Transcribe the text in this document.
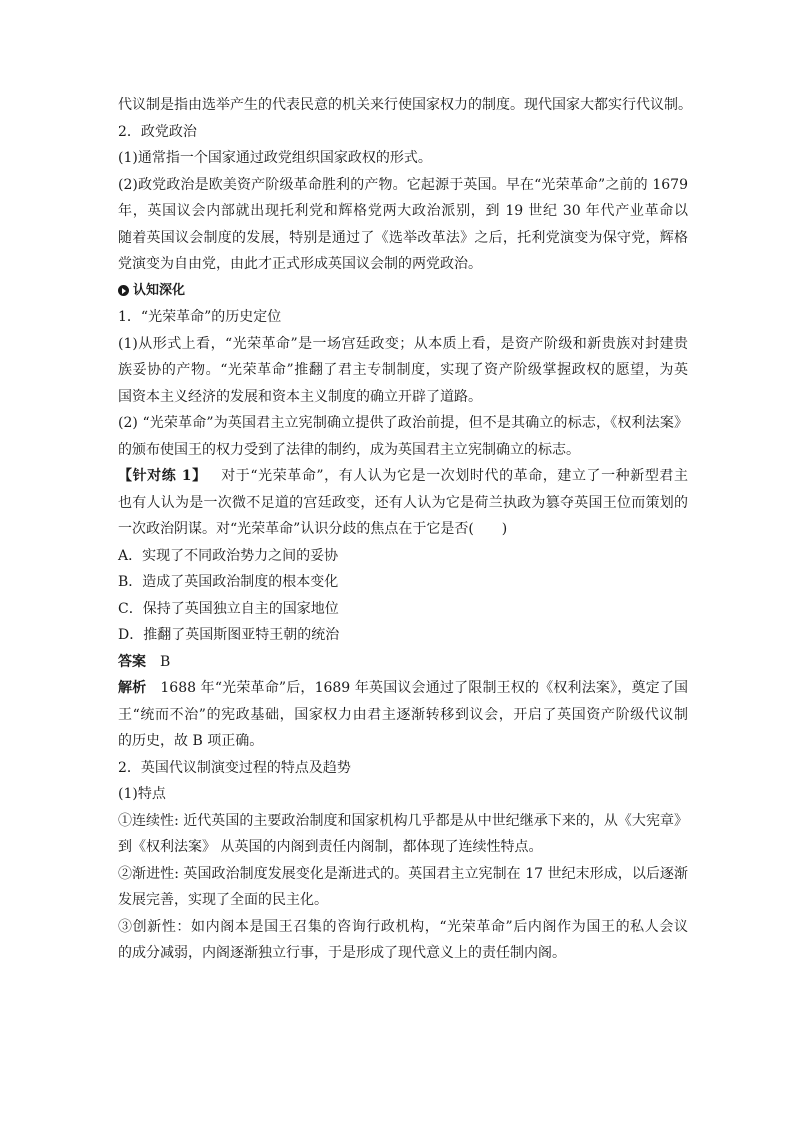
代议制是指由选举产生的代表民意的机关来行使国家权力的制度。现代国家大都实行代议制。
2．政党政治
(1)通常指一个国家通过政党组织国家政权的形式。
(2)政党政治是欧美资产阶级革命胜利的产物。它起源于英国。早在“光荣革命”之前的 1679
年，英国议会内部就出现托利党和辉格党两大政治派别，到 19 世纪 30 年代产业革命以
随着英国议会制度的发展，特别是通过了《选举改革法》之后，托利党演变为保守党，辉格
党演变为自由党，由此才正式形成英国议会制的两党政治。
认知深化
1．“光荣革命”的历史定位
(1)从形式上看，“光荣革命”是一场宫廷政变；从本质上看，是资产阶级和新贵族对封建贵
族妥协的产物。“光荣革命”推翻了君主专制制度，实现了资产阶级掌握政权的愿望，为英
国资本主义经济的发展和资本主义制度的确立开辟了道路。
(2) “光荣革命”为英国君主立宪制确立提供了政治前提，但不是其确立的标志，《权利法案》
的颁布使国王的权力受到了法律的制约，成为英国君主立宪制确立的标志。
【针对练 1】 对于“光荣革命”，有人认为它是一次划时代的革命，建立了一种新型君主
也有人认为是一次微不足道的宫廷政变，还有人认为它是荷兰执政为篡夺英国王位而策划的
一次政治阴谋。对“光荣革命”认识分歧的焦点在于它是否(　　)
A．实现了不同政治势力之间的妥协
B．造成了英国政治制度的根本变化
C．保持了英国独立自主的国家地位
D．推翻了英国斯图亚特王朝的统治
答案 B
解析 1688 年“光荣革命”后，1689 年英国议会通过了限制王权的《权利法案》，奠定了国
王“统而不治”的宪政基础，国家权力由君主逐渐转移到议会，开启了英国资产阶级代议制
的历史，故 B 项正确。
2．英国代议制演变过程的特点及趋势
(1)特点
①连续性: 近代英国的主要政治制度和国家机构几乎都是从中世纪继承下来的，从《大宪章》
到《权利法案》 从英国的内阁到责任内阁制，都体现了连续性特点。
②渐进性: 英国政治制度发展变化是渐进式的。英国君主立宪制在 17 世纪末形成，以后逐渐
发展完善，实现了全面的民主化。
③创新性：如内阁本是国王召集的咨询行政机构，“光荣革命”后内阁作为国王的私人会议
的成分减弱，内阁逐渐独立行事，于是形成了现代意义上的责任制内阁。
